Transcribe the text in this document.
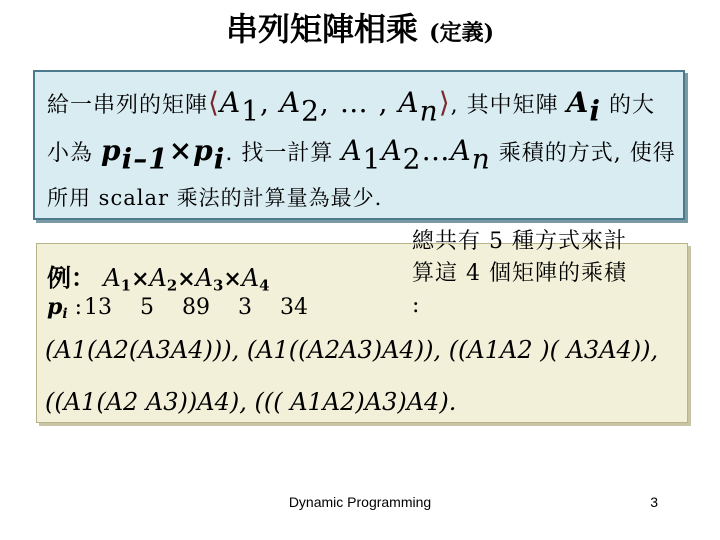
串列矩陣相乘 (定義)
給一串列的矩陣$⟨A_1$, $A_2$, … , $A_n⟩$, 其中矩陣 $A_i$ 的大
小為 $p_{i-1}\times p_i$. 找一計算 $A_1A_2\dots A_n$ 乘積的方式, 使得
所用 scalar 乘法的計算量為最少.
例： $A_1\times A_2\times A_3\times A_4$
總共有 5 種方式來計
算這 4 個矩陣的乘積
:
$p_i$ :13 5 89 3 34
(A1(A2(A3A4))), (A1((A2A3)A4)), ((A1A2 )( A3A4)),
((A1(A2 A3))A4), ((( A1A2)A3)A4).
Dynamic Programming	3
